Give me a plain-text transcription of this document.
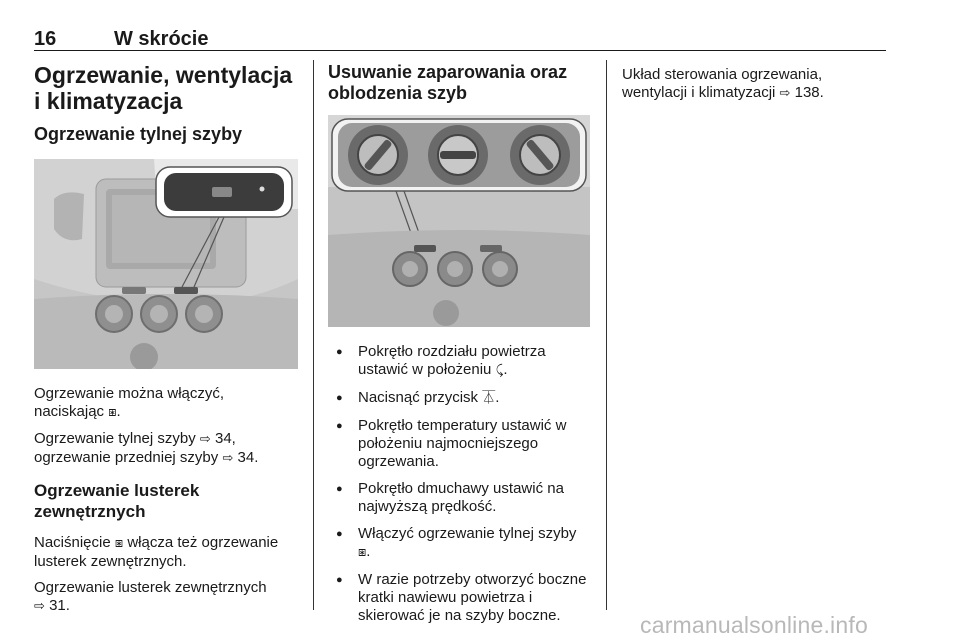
16	W skrócie
Ogrzewanie, wentylacja i klimatyzacja
Ogrzewanie tylnej szyby

Ogrzewanie można włączyć, naciskając ⧆.

Ogrzewanie tylnej szyby ⇨ 34,
ogrzewanie przedniej szyby ⇨ 34.

Ogrzewanie lusterek zewnętrznych

Naciśnięcie ⧆ włącza też ogrzewanie lusterek zewnętrznych.

Ogrzewanie lusterek zewnętrznych
⇨ 31.

Usuwanie zaparowania oraz oblodzenia szyb
● Pokrętło rozdziału powietrza ustawić w położeniu ⤹.
● Nacisnąć przycisk ⏄.
● Pokrętło temperatury ustawić w położeniu najmocniejszego ogrzewania.
● Pokrętło dmuchawy ustawić na najwyższą prędkość.
● Włączyć ogrzewanie tylnej szyby ⧆.
● W razie potrzeby otworzyć boczne kratki nawiewu powietrza i skierować je na szyby boczne.

Układ sterowania ogrzewania, wentylacji i klimatyzacji ⇨ 138.

carmanualsonline.info
